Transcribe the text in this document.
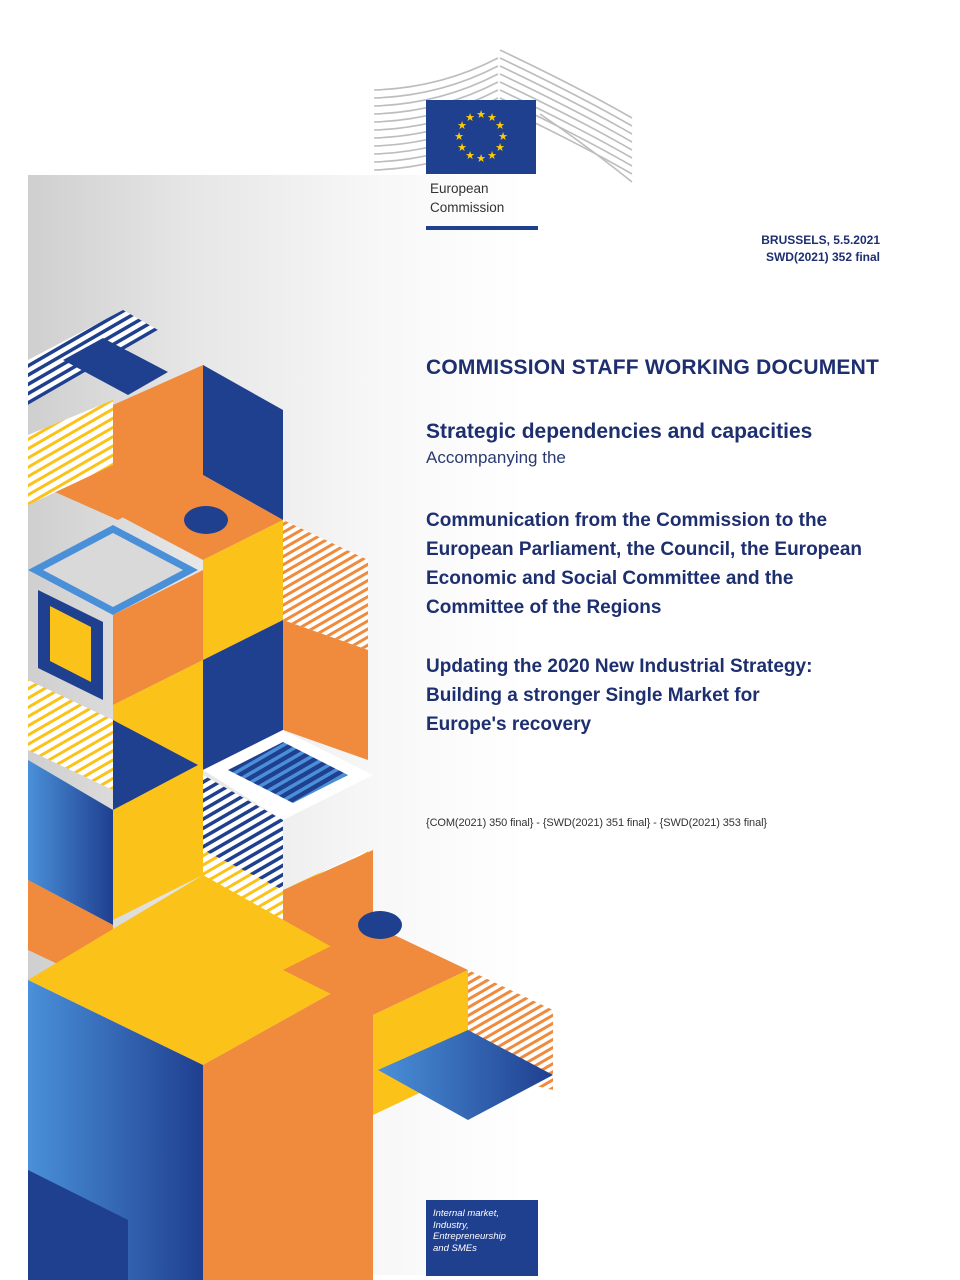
★ ★
★
★
★
★
★
★
★
★
★
★
European
Commission
BRUSSELS, 5.5.2021
SWD(2021) 352 final
COMMISSION STAFF WORKING DOCUMENT
Strategic dependencies and capacities
Accompanying the
Communication from the Commission to the
European Parliament, the Council, the European
Economic and Social Committee and the
Committee of the Regions
Updating the 2020 New Industrial Strategy:
Building a stronger Single Market for
Europe's recovery
{COM(2021) 350 final} - {SWD(2021) 351 final} - {SWD(2021) 353 final}
Internal market,
Industry,
Entrepreneurship
and SMEs
